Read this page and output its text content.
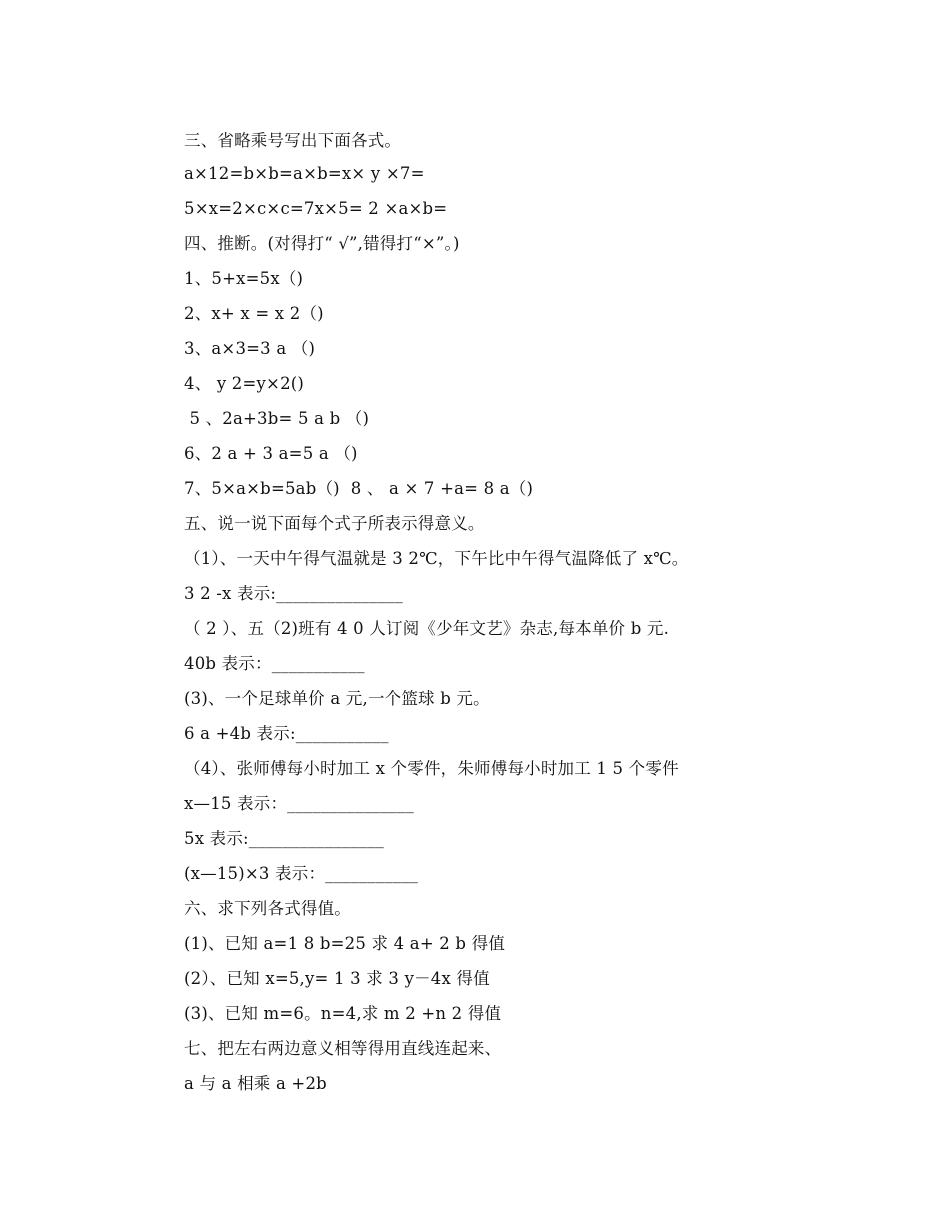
三、省略乘号写出下面各式。
a×12=b×b=a×b=x× y ×7=
5×x=2×c×c=7x×5= 2 ×a×b=
四、推断。(对得打“ √”,错得打“×”。)
1、5+x=5x（)
2、x+ x = x 2（)
3、a×3=3 a （)
4、 y 2=y×2()
5 、2a+3b= 5 a b （)
6、2 a + 3 a=5 a （)
7、5×a×b=5ab（)  8 、 a × 7 +a= 8 a（)
五、说一说下面每个式子所表示得意义。
（1）、一天中午得气温就是 3 2℃，下午比中午得气温降低了 x℃。
3 2 -x 表示:_______________
（ 2 ）、五（2)班有 4 0 人订阅《少年文艺》杂志,每本单价 b 元.
40b 表示：___________
(3)、一个足球单价 a 元,一个篮球 b 元。
6 a +4b 表示:___________
（4）、张师傅每小时加工 x 个零件，朱师傅每小时加工 1 5 个零件
x—15 表示：_______________
5x 表示:________________
(x—15)×3 表示：___________
六、求下列各式得值。
(1)、已知 a=1 8 b=25 求 4 a+ 2 b 得值
(2）、已知 x=5,y= 1 3 求 3 y－4x 得值
(3)、已知 m=6。n=4,求 m 2 +n 2 得值
七、把左右两边意义相等得用直线连起来、
a 与 a 相乘 a +2b
